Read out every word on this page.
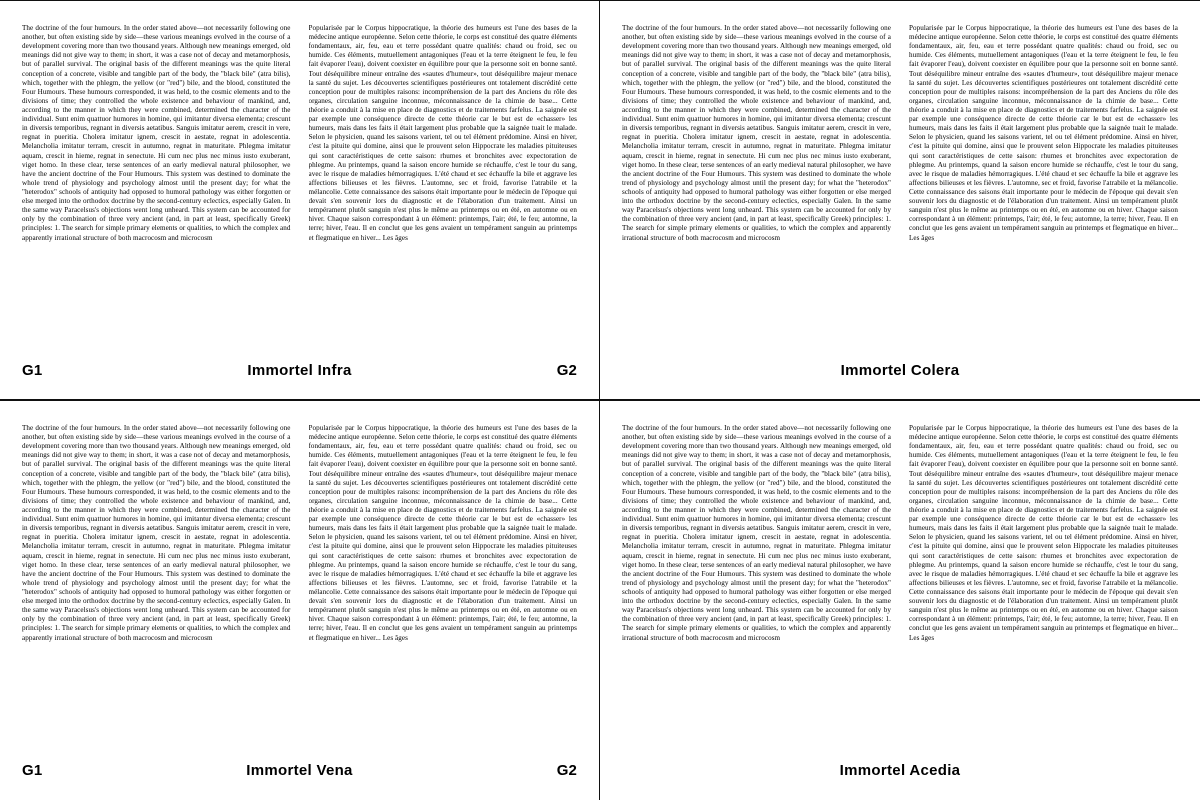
The doctrine of the four humours. In the order stated above—not necessarily following one another, but often existing side by side—these various meanings evolved in the course of a development covering more than two thousand years. Although new meanings emerged, old meanings did not give way to them; in short, it was a case not of decay and metamorphosis, but of parallel survival. The original basis of the different meanings was the quite literal conception of a concrete, visible and tangible part of the body, the "black bile" (atra bilis), which, together with the phlegm, the yellow (or "red") bile, and the blood, constituted the Four Humours. These humours corresponded, it was held, to the cosmic elements and to the divisions of time; they controlled the whole existence and behaviour of mankind, and, according to the manner in which they were combined, determined the character of the individual. Sunt enim quattuor humores in homine, qui imitantur diversa elementa; crescunt in diversis temporibus, regnant in diversis aetatibus. Sanguis imitatur aerem, crescit in vere, regnat in pueritia. Cholera imitatur ignem, crescit in aestate, regnat in adolescentia. Melancholia imitatur terram, crescit in autumno, regnat in maturitate. Phlegma imitatur aquam, crescit in hieme, regnat in senectute. Hi cum nec plus nec minus iusto exuberant, viget homo. In these clear, terse sentences of an early medieval natural philosopher, we have the ancient doctrine of the Four Humours. This system was destined to dominate the whole trend of physiology and psychology almost until the present day; for what the "heterodox" schools of antiquity had opposed to humoral pathology was either forgotten or else merged into the orthodox doctrine by the second-century eclectics, especially Galen. In the same way Paracelsus's objections went long unheard. This system can be accounted for only by the combination of three very ancient (and, in part at least, specifically Greek) principles: 1. The search for simple primary elements or qualities, to which the complex and apparently irrational structure of both macrocosm and microcosm

Popularisée par le Corpus hippocratique, la théorie des humeurs est l'une des bases de la médecine antique européenne. Selon cette théorie, le corps est constitué des quatre éléments fondamentaux, air, feu, eau et terre possédant quatre qualités: chaud ou froid, sec ou humide. Ces éléments, mutuellement antagoniques (l'eau et la terre éteignent le feu, le feu fait évaporer l'eau), doivent coexister en équilibre pour que la personne soit en bonne santé. Tout déséquilibre mineur entraîne des «sautes d'humeur», tout déséquilibre majeur menace la santé du sujet. Les découvertes scientifiques postérieures ont totalement discrédité cette conception pour de multiples raisons: incompréhension de la part des Anciens du rôle des organes, circulation sanguine inconnue, méconnaissance de la chimie de base... Cette théorie a conduit à la mise en place de diagnostics et de traitements farfelus. La saignée est par exemple une conséquence directe de cette théorie car le but est de «chasser» les humeurs, mais dans les faits il était largement plus probable que la saignée tuait le malade. Selon le physicien, quand les saisons varient, tel ou tel élément prédomine. Ainsi en hiver, c'est la pituite qui domine, ainsi que le prouvent selon Hippocrate les maladies pituiteuses qui sont caractéristiques de cette saison: rhumes et bronchites avec expectoration de phlegme. Au printemps, quand la saison encore humide se réchauffe, c'est le tour du sang, avec le risque de maladies hémorragiques. L'été chaud et sec échauffe la bile et aggrave les affections bilieuses et les fièvres. L'automne, sec et froid, favorise l'atrabile et la mélancolie. Cette connaissance des saisons était importante pour le médecin de l'époque qui devait s'en souvenir lors du diagnostic et de l'élaboration d'un traitement. Ainsi un tempérament plutôt sanguin n'est plus le même au printemps ou en été, en automne ou en hiver. Chaque saison correspondant à un élément: printemps, l'air; été, le feu; automne, la terre; hiver, l'eau. Il en conclut que les gens avaient un tempérament sanguin au printemps et flegmatique en hiver... Les âges

G1	Immortel Infra	G2

The doctrine of the four humours. In the order stated above—not necessarily following one another, but often existing side by side—these various meanings evolved in the course of a development covering more than two thousand years. Although new meanings emerged, old meanings did not give way to them; in short, it was a case not of decay and metamorphosis, but of parallel survival. The original basis of the different meanings was the quite literal conception of a concrete, visible and tangible part of the body, the "black bile" (atra bilis), which, together with the phlegm, the yellow (or "red") bile, and the blood, constituted the Four Humours. These humours corresponded, it was held, to the cosmic elements and to the divisions of time; they controlled the whole existence and behaviour of mankind, and, according to the manner in which they were combined, determined the character of the individual. Sunt enim quattuor humores in homine, qui imitantur diversa elementa; crescunt in diversis temporibus, regnant in diversis aetatibus. Sanguis imitatur aerem, crescit in vere, regnat in pueritia. Cholera imitatur ignem, crescit in aestate, regnat in adolescentia. Melancholia imitatur terram, crescit in autumno, regnat in maturitate. Phlegma imitatur aquam, crescit in hieme, regnat in senectute. Hi cum nec plus nec minus iusto exuberant, viget homo. In these clear, terse sentences of an early medieval natural philosopher, we have the ancient doctrine of the Four Humours. This system was destined to dominate the whole trend of physiology and psychology almost until the present day; for what the "heterodox" schools of antiquity had opposed to humoral pathology was either forgotten or else merged into the orthodox doctrine by the second-century eclectics, especially Galen. In the same way Paracelsus's objections went long unheard. This system can be accounted for only by the combination of three very ancient (and, in part at least, specifically Greek) principles: 1. The search for simple primary elements or qualities, to which the complex and apparently irrational structure of both macrocosm and microcosm

Popularisée par le Corpus hippocratique, la théorie des humeurs est l'une des bases de la médecine antique européenne. Selon cette théorie, le corps est constitué des quatre éléments fondamentaux, air, feu, eau et terre possédant quatre qualités: chaud ou froid, sec ou humide. Ces éléments, mutuellement antagoniques (l'eau et la terre éteignent le feu, le feu fait évaporer l'eau), doivent coexister en équilibre pour que la personne soit en bonne santé. Tout déséquilibre mineur entraîne des «sautes d'humeur», tout déséquilibre majeur menace la santé du sujet. Les découvertes scientifiques postérieures ont totalement discrédité cette conception pour de multiples raisons: incompréhension de la part des Anciens du rôle des organes, circulation sanguine inconnue, méconnaissance de la chimie de base... Cette théorie a conduit à la mise en place de diagnostics et de traitements farfelus. La saignée est par exemple une conséquence directe de cette théorie car le but est de «chasser» les humeurs, mais dans les faits il était largement plus probable que la saignée tuait le malade. Selon le physicien, quand les saisons varient, tel ou tel élément prédomine. Ainsi en hiver, c'est la pituite qui domine, ainsi que le prouvent selon Hippocrate les maladies pituiteuses qui sont caractéristiques de cette saison: rhumes et bronchites avec expectoration de phlegme. Au printemps, quand la saison encore humide se réchauffe, c'est le tour du sang, avec le risque de maladies hémorragiques. L'été chaud et sec échauffe la bile et aggrave les affections bilieuses et les fièvres. L'automne, sec et froid, favorise l'atrabile et la mélancolie. Cette connaissance des saisons était importante pour le médecin de l'époque qui devait s'en souvenir lors du diagnostic et de l'élaboration d'un traitement. Ainsi un tempérament plutôt sanguin n'est plus le même au printemps ou en été, en automne ou en hiver. Chaque saison correspondant à un élément: printemps, l'air; été, le feu; automne, la terre; hiver, l'eau. Il en conclut que les gens avaient un tempérament sanguin au printemps et flegmatique en hiver... Les âges

Immortel Colera

The doctrine of the four humours. In the order stated above—not necessarily following one another, but often existing side by side—these various meanings evolved in the course of a development covering more than two thousand years. Although new meanings emerged, old meanings did not give way to them; in short, it was a case not of decay and metamorphosis, but of parallel survival. The original basis of the different meanings was the quite literal conception of a concrete, visible and tangible part of the body, the "black bile" (atra bilis), which, together with the phlegm, the yellow (or "red") bile, and the blood, constituted the Four Humours. These humours corresponded, it was held, to the cosmic elements and to the divisions of time; they controlled the whole existence and behaviour of mankind, and, according to the manner in which they were combined, determined the character of the individual. Sunt enim quattuor humores in homine, qui imitantur diversa elementa; crescunt in diversis temporibus, regnant in diversis aetatibus. Sanguis imitatur aerem, crescit in vere, regnat in pueritia. Cholera imitatur ignem, crescit in aestate, regnat in adolescentia. Melancholia imitatur terram, crescit in autumno, regnat in maturitate. Phlegma imitatur aquam, crescit in hieme, regnat in senectute. Hi cum nec plus nec minus iusto exuberant, viget homo. In these clear, terse sentences of an early medieval natural philosopher, we have the ancient doctrine of the Four Humours. This system was destined to dominate the whole trend of physiology and psychology almost until the present day; for what the "heterodox" schools of antiquity had opposed to humoral pathology was either forgotten or else merged into the orthodox doctrine by the second-century eclectics, especially Galen. In the same way Paracelsus's objections went long unheard. This system can be accounted for only by the combination of three very ancient (and, in part at least, specifically Greek) principles: 1. The search for simple primary elements or qualities, to which the complex and apparently irrational structure of both macrocosm and microcosm

Popularisée par le Corpus hippocratique, la théorie des humeurs est l'une des bases de la médecine antique européenne. Selon cette théorie, le corps est constitué des quatre éléments fondamentaux, air, feu, eau et terre possédant quatre qualités: chaud ou froid, sec ou humide. Ces éléments, mutuellement antagoniques (l'eau et la terre éteignent le feu, le feu fait évaporer l'eau), doivent coexister en équilibre pour que la personne soit en bonne santé. Tout déséquilibre mineur entraîne des «sautes d'humeur», tout déséquilibre majeur menace la santé du sujet. Les découvertes scientifiques postérieures ont totalement discrédité cette conception pour de multiples raisons: incompréhension de la part des Anciens du rôle des organes, circulation sanguine inconnue, méconnaissance de la chimie de base... Cette théorie a conduit à la mise en place de diagnostics et de traitements farfelus. La saignée est par exemple une conséquence directe de cette théorie car le but est de «chasser» les humeurs, mais dans les faits il était largement plus probable que la saignée tuait le malade. Selon le physicien, quand les saisons varient, tel ou tel élément prédomine. Ainsi en hiver, c'est la pituite qui domine, ainsi que le prouvent selon Hippocrate les maladies pituiteuses qui sont caractéristiques de cette saison: rhumes et bronchites avec expectoration de phlegme. Au printemps, quand la saison encore humide se réchauffe, c'est le tour du sang, avec le risque de maladies hémorragiques. L'été chaud et sec échauffe la bile et aggrave les affections bilieuses et les fièvres. L'automne, sec et froid, favorise l'atrabile et la mélancolie. Cette connaissance des saisons était importante pour le médecin de l'époque qui devait s'en souvenir lors du diagnostic et de l'élaboration d'un traitement. Ainsi un tempérament plutôt sanguin n'est plus le même au printemps ou en été, en automne ou en hiver. Chaque saison correspondant à un élément: printemps, l'air; été, le feu; automne, la terre; hiver, l'eau. Il en conclut que les gens avaient un tempérament sanguin au printemps et flegmatique en hiver... Les âges

G1	Immortel Vena	G2

The doctrine of the four humours. In the order stated above—not necessarily following one another, but often existing side by side—these various meanings evolved in the course of a development covering more than two thousand years. Although new meanings emerged, old meanings did not give way to them; in short, it was a case not of decay and metamorphosis, but of parallel survival. The original basis of the different meanings was the quite literal conception of a concrete, visible and tangible part of the body, the "black bile" (atra bilis), which, together with the phlegm, the yellow (or "red") bile, and the blood, constituted the Four Humours. These humours corresponded, it was held, to the cosmic elements and to the divisions of time; they controlled the whole existence and behaviour of mankind, and, according to the manner in which they were combined, determined the character of the individual. Sunt enim quattuor humores in homine, qui imitantur diversa elementa; crescunt in diversis temporibus, regnant in diversis aetatibus. Sanguis imitatur aerem, crescit in vere, regnat in pueritia. Cholera imitatur ignem, crescit in aestate, regnat in adolescentia. Melancholia imitatur terram, crescit in autumno, regnat in maturitate. Phlegma imitatur aquam, crescit in hieme, regnat in senectute. Hi cum nec plus nec minus iusto exuberant, viget homo. In these clear, terse sentences of an early medieval natural philosopher, we have the ancient doctrine of the Four Humours. This system was destined to dominate the whole trend of physiology and psychology almost until the present day; for what the "heterodox" schools of antiquity had opposed to humoral pathology was either forgotten or else merged into the orthodox doctrine by the second-century eclectics, especially Galen. In the same way Paracelsus's objections went long unheard. This system can be accounted for only by the combination of three very ancient (and, in part at least, specifically Greek) principles: 1. The search for simple primary elements or qualities, to which the complex and apparently irrational structure of both macrocosm and microcosm

Popularisée par le Corpus hippocratique, la théorie des humeurs est l'une des bases de la médecine antique européenne. Selon cette théorie, le corps est constitué des quatre éléments fondamentaux, air, feu, eau et terre possédant quatre qualités: chaud ou froid, sec ou humide. Ces éléments, mutuellement antagoniques (l'eau et la terre éteignent le feu, le feu fait évaporer l'eau), doivent coexister en équilibre pour que la personne soit en bonne santé. Tout déséquilibre mineur entraîne des «sautes d'humeur», tout déséquilibre majeur menace la santé du sujet. Les découvertes scientifiques postérieures ont totalement discrédité cette conception pour de multiples raisons: incompréhension de la part des Anciens du rôle des organes, circulation sanguine inconnue, méconnaissance de la chimie de base... Cette théorie a conduit à la mise en place de diagnostics et de traitements farfelus. La saignée est par exemple une conséquence directe de cette théorie car le but est de «chasser» les humeurs, mais dans les faits il était largement plus probable que la saignée tuait le malade. Selon le physicien, quand les saisons varient, tel ou tel élément prédomine. Ainsi en hiver, c'est la pituite qui domine, ainsi que le prouvent selon Hippocrate les maladies pituiteuses qui sont caractéristiques de cette saison: rhumes et bronchites avec expectoration de phlegme. Au printemps, quand la saison encore humide se réchauffe, c'est le tour du sang, avec le risque de maladies hémorragiques. L'été chaud et sec échauffe la bile et aggrave les affections bilieuses et les fièvres. L'automne, sec et froid, favorise l'atrabile et la mélancolie. Cette connaissance des saisons était importante pour le médecin de l'époque qui devait s'en souvenir lors du diagnostic et de l'élaboration d'un traitement. Ainsi un tempérament plutôt sanguin n'est plus le même au printemps ou en été, en automne ou en hiver. Chaque saison correspondant à un élément: printemps, l'air; été, le feu; automne, la terre; hiver, l'eau. Il en conclut que les gens avaient un tempérament sanguin au printemps et flegmatique en hiver... Les âges

Immortel Acedia
